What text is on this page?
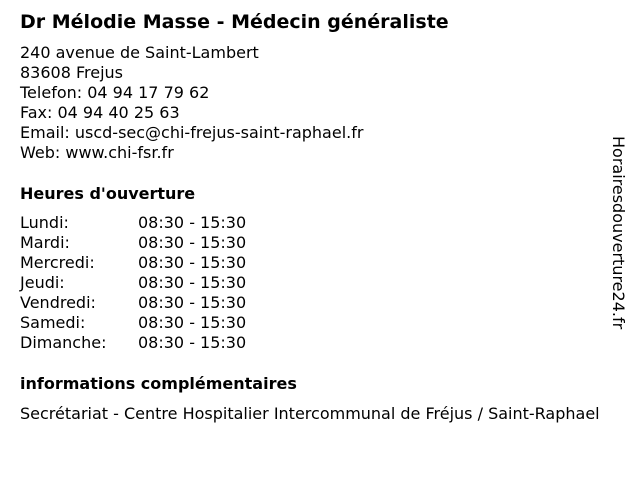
Dr Mélodie Masse - Médecin généraliste
240 avenue de Saint-Lambert
83608 Frejus
Telefon: 04 94 17 79 62
Fax: 04 94 40 25 63
Email: uscd-sec@chi-frejus-saint-raphael.fr
Web: www.chi-fsr.fr
Heures d'ouverture
Lundi:	08:30 - 15:30
Mardi:	08:30 - 15:30
Mercredi:	08:30 - 15:30
Jeudi:	08:30 - 15:30
Vendredi:	08:30 - 15:30
Samedi:	08:30 - 15:30
Dimanche:	08:30 - 15:30
informations complémentaires
Secrétariat - Centre Hospitalier Intercommunal de Fréjus / Saint-Raphael
Horairesdouverture24.fr
